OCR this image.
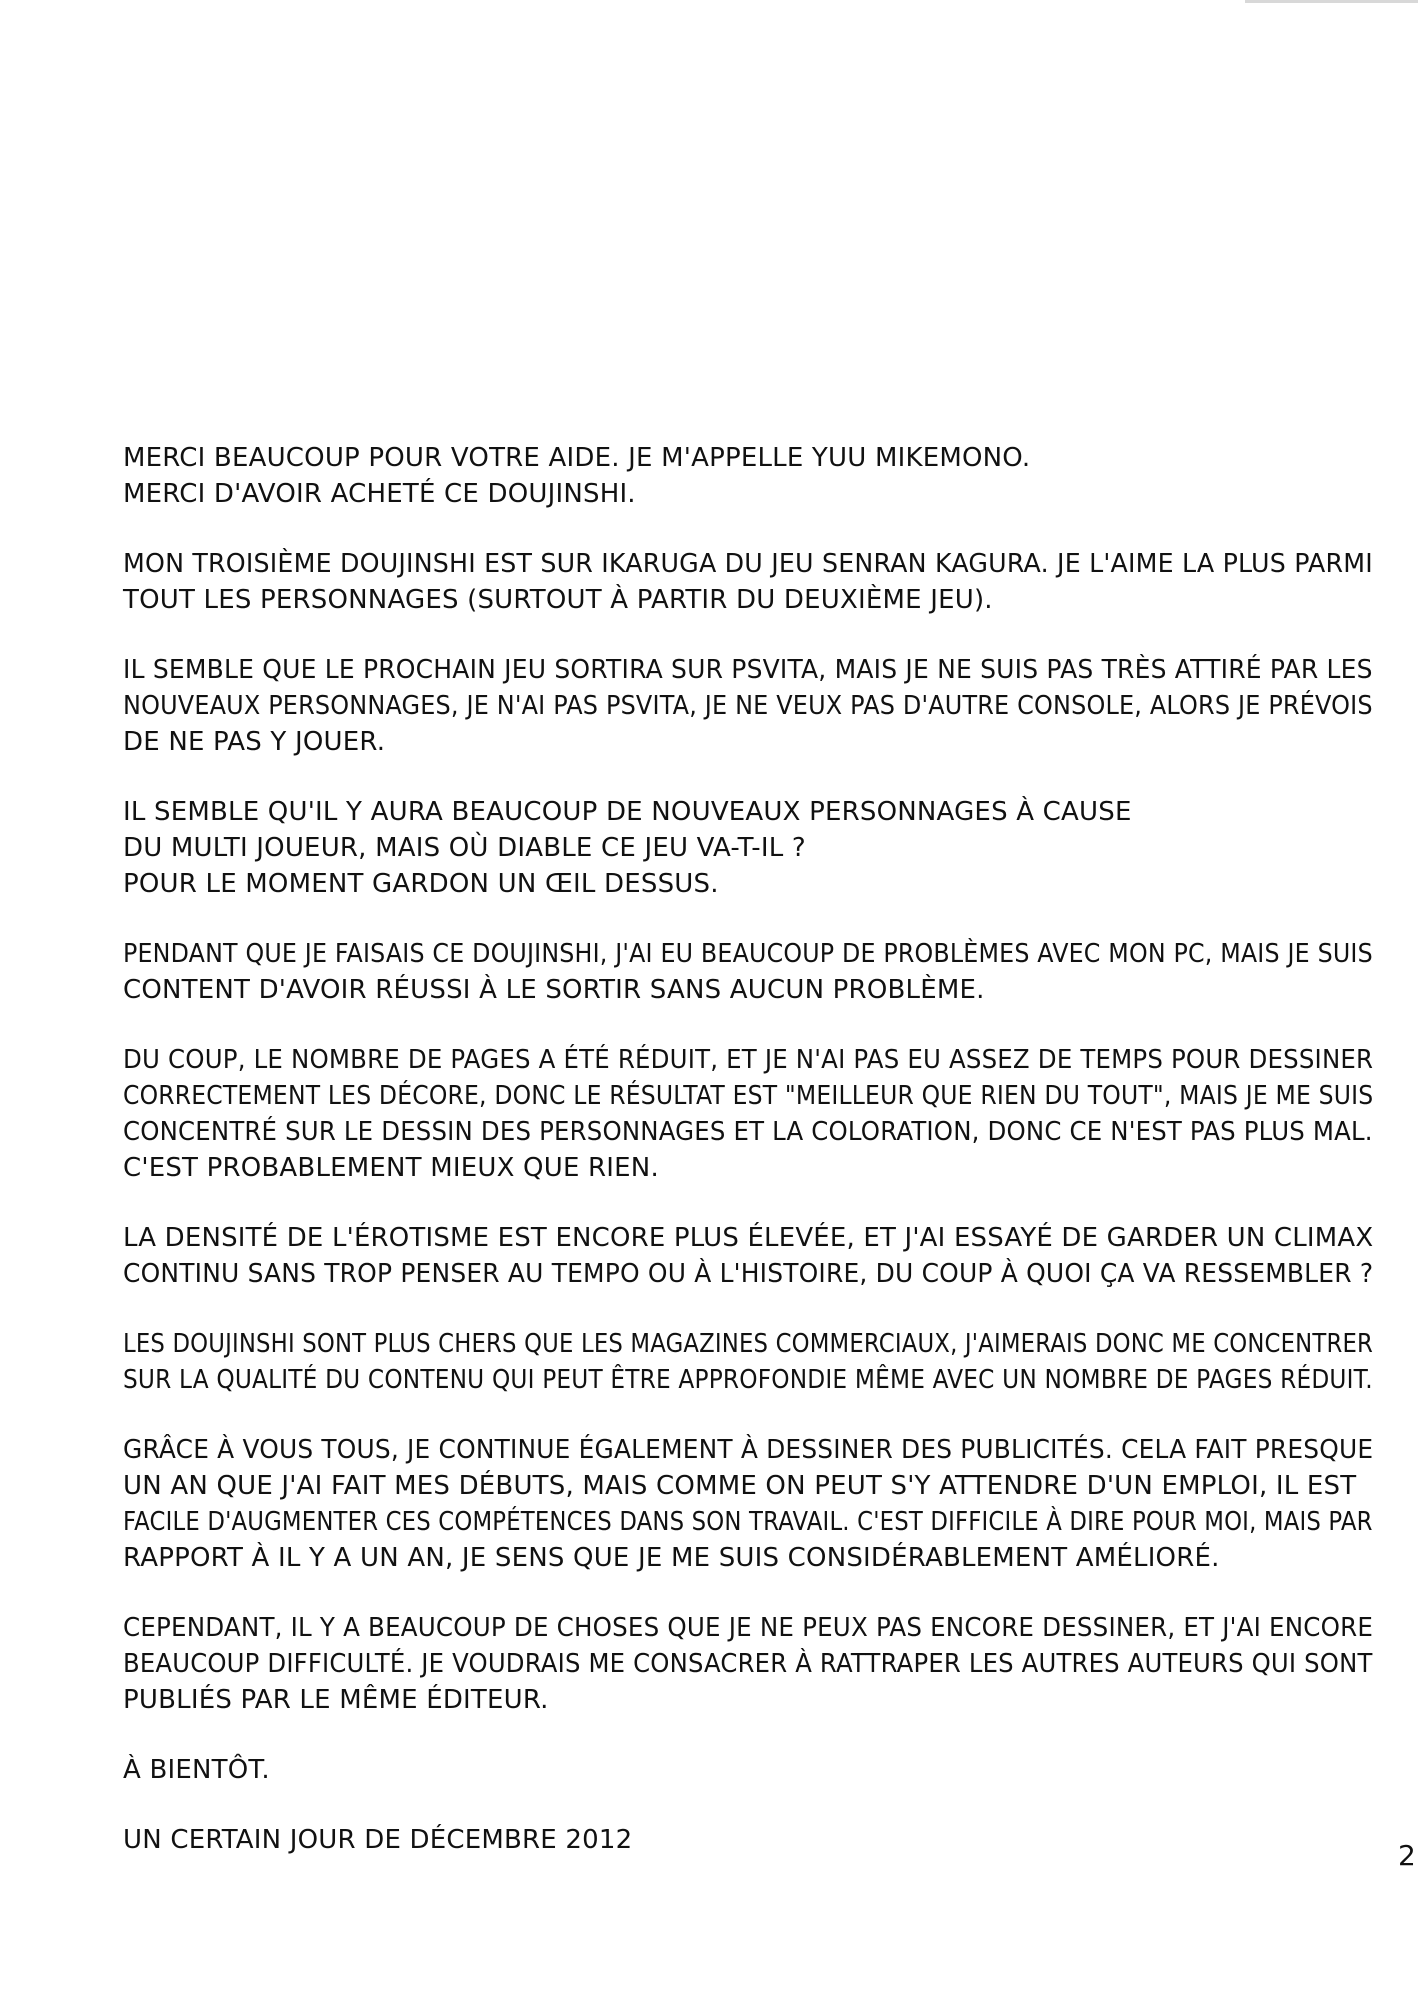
MERCI BEAUCOUP POUR VOTRE AIDE. JE M'APPELLE YUU MIKEMONO.
MERCI D'AVOIR ACHETÉ CE DOUJINSHI.
MON TROISIÈME DOUJINSHI EST SUR IKARUGA DU JEU SENRAN KAGURA. JE L'AIME LA PLUS PARMI
TOUT LES PERSONNAGES (SURTOUT À PARTIR DU DEUXIÈME JEU).
IL SEMBLE QUE LE PROCHAIN JEU SORTIRA SUR PSVITA, MAIS JE NE SUIS PAS TRÈS ATTIRÉ PAR LES
NOUVEAUX PERSONNAGES, JE N'AI PAS PSVITA, JE NE VEUX PAS D'AUTRE CONSOLE, ALORS JE PRÉVOIS
DE NE PAS Y JOUER.
IL SEMBLE QU'IL Y AURA BEAUCOUP DE NOUVEAUX PERSONNAGES À CAUSE
DU MULTI JOUEUR, MAIS OÙ DIABLE CE JEU VA-T-IL ?
POUR LE MOMENT GARDON UN ŒIL DESSUS.
PENDANT QUE JE FAISAIS CE DOUJINSHI, J'AI EU BEAUCOUP DE PROBLÈMES AVEC MON PC, MAIS JE SUIS
CONTENT D'AVOIR RÉUSSI À LE SORTIR SANS AUCUN PROBLÈME.
DU COUP, LE NOMBRE DE PAGES A ÉTÉ RÉDUIT, ET JE N'AI PAS EU ASSEZ DE TEMPS POUR DESSINER
CORRECTEMENT LES DÉCORE, DONC LE RÉSULTAT EST "MEILLEUR QUE RIEN DU TOUT", MAIS JE ME SUIS
CONCENTRÉ SUR LE DESSIN DES PERSONNAGES ET LA COLORATION, DONC CE N'EST PAS PLUS MAL.
C'EST PROBABLEMENT MIEUX QUE RIEN.
LA DENSITÉ DE L'ÉROTISME EST ENCORE PLUS ÉLEVÉE, ET J'AI ESSAYÉ DE GARDER UN CLIMAX
CONTINU SANS TROP PENSER AU TEMPO OU À L'HISTOIRE, DU COUP À QUOI ÇA VA RESSEMBLER ?
LES DOUJINSHI SONT PLUS CHERS QUE LES MAGAZINES COMMERCIAUX, J'AIMERAIS DONC ME CONCENTRER
SUR LA QUALITÉ DU CONTENU QUI PEUT ÊTRE APPROFONDIE MÊME AVEC UN NOMBRE DE PAGES RÉDUIT.
GRÂCE À VOUS TOUS, JE CONTINUE ÉGALEMENT À DESSINER DES PUBLICITÉS. CELA FAIT PRESQUE
UN AN QUE J'AI FAIT MES DÉBUTS, MAIS COMME ON PEUT S'Y ATTENDRE D'UN EMPLOI, IL EST
FACILE D'AUGMENTER CES COMPÉTENCES DANS SON TRAVAIL. C'EST DIFFICILE À DIRE POUR MOI, MAIS PAR
RAPPORT À IL Y A UN AN, JE SENS QUE JE ME SUIS CONSIDÉRABLEMENT AMÉLIORÉ.
CEPENDANT, IL Y A BEAUCOUP DE CHOSES QUE JE NE PEUX PAS ENCORE DESSINER, ET J'AI ENCORE
BEAUCOUP DIFFICULTÉ. JE VOUDRAIS ME CONSACRER À RATTRAPER LES AUTRES AUTEURS QUI SONT
PUBLIÉS PAR LE MÊME ÉDITEUR.
À BIENTÔT.
UN CERTAIN JOUR DE DÉCEMBRE 2012	2
